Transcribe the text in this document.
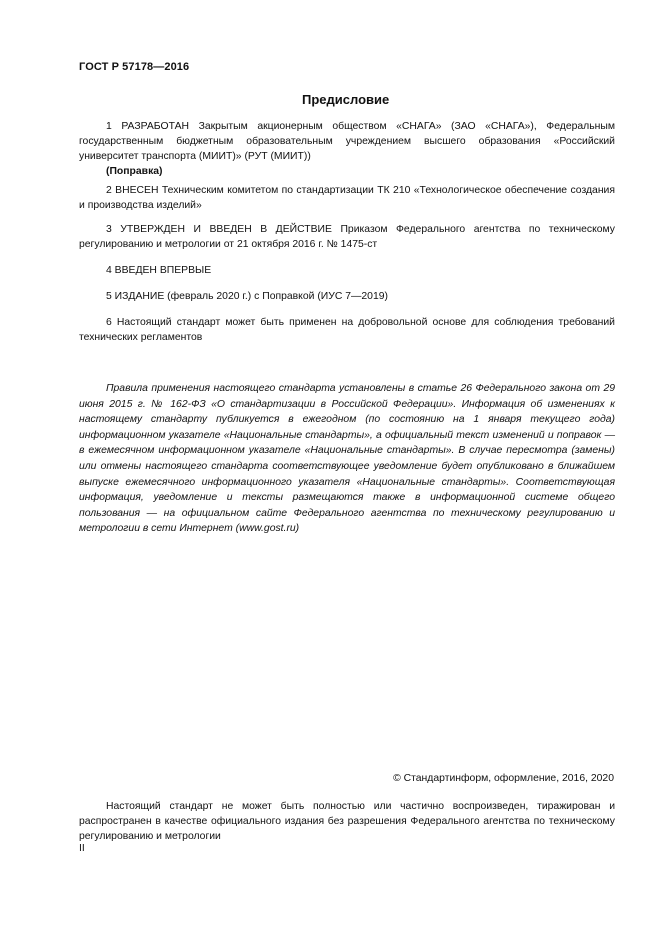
ГОСТ Р 57178—2016
Предисловие
1 РАЗРАБОТАН Закрытым акционерным обществом «СНАГА» (ЗАО «СНАГА»), Федеральным государственным бюджетным образовательным учреждением высшего образования «Российский университет транспорта (МИИТ)» (РУТ (МИИТ))
(Поправка)
2 ВНЕСЕН Техническим комитетом по стандартизации ТК 210 «Технологическое обеспечение создания и производства изделий»
3 УТВЕРЖДЕН И ВВЕДЕН В ДЕЙСТВИЕ Приказом Федерального агентства по техническому регулированию и метрологии от 21 октября 2016 г. № 1475-ст
4 ВВЕДЕН ВПЕРВЫЕ
5 ИЗДАНИЕ (февраль 2020 г.) с Поправкой (ИУС 7—2019)
6 Настоящий стандарт может быть применен на добровольной основе для соблюдения требований технических регламентов
Правила применения настоящего стандарта установлены в статье 26 Федерального закона от 29 июня 2015 г. № 162-ФЗ «О стандартизации в Российской Федерации». Информация об изменениях к настоящему стандарту публикуется в ежегодном (по состоянию на 1 января текущего года) информационном указателе «Национальные стандарты», а официальный текст изменений и поправок — в ежемесячном информационном указателе «Национальные стандарты». В случае пересмотра (замены) или отмены настоящего стандарта соответствующее уведомление будет опубликовано в ближайшем выпуске ежемесячного информационного указателя «Национальные стандарты». Соответствующая информация, уведомление и тексты размещаются также в информационной системе общего пользования — на официальном сайте Федерального агентства по техническому регулированию и метрологии в сети Интернет (www.gost.ru)
© Стандартинформ, оформление, 2016, 2020
Настоящий стандарт не может быть полностью или частично воспроизведен, тиражирован и распространен в качестве официального издания без разрешения Федерального агентства по техническому регулированию и метрологии
II
